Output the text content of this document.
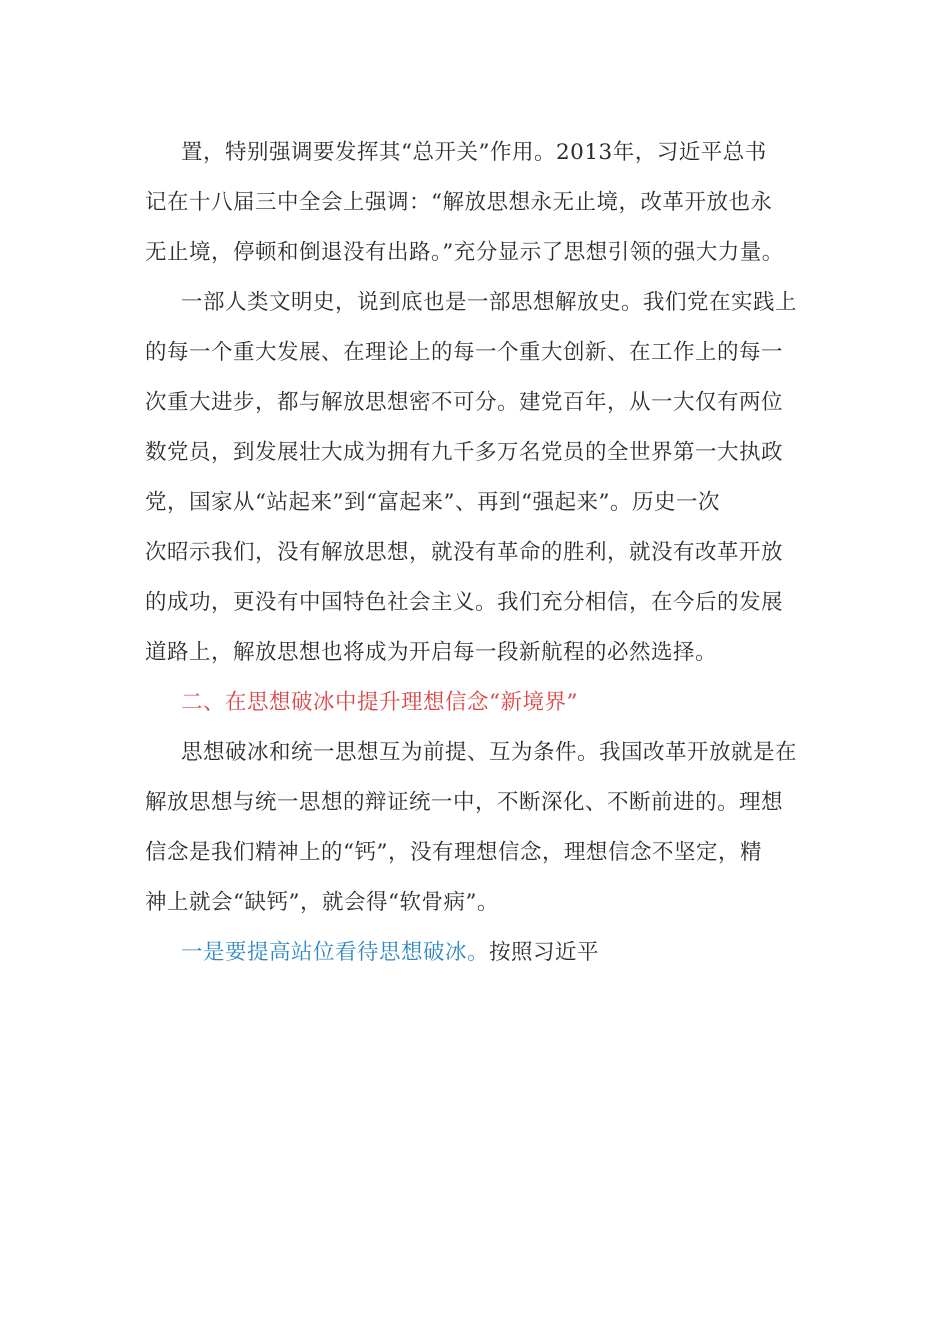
置，特别强调要发挥其“总开关”作用。2013年，习近平总书
记在十八届三中全会上强调：“解放思想永无止境，改革开放也永
无止境，停顿和倒退没有出路。”充分显示了思想引领的强大力量。
一部人类文明史，说到底也是一部思想解放史。我们党在实践上
的每一个重大发展、在理论上的每一个重大创新、在工作上的每一
次重大进步，都与解放思想密不可分。建党百年，从一大仅有两位
数党员，到发展壮大成为拥有九千多万名党员的全世界第一大执政
党，国家从“站起来”到“富起来”、再到“强起来”。历史一次
次昭示我们，没有解放思想，就没有革命的胜利，就没有改革开放
的成功，更没有中国特色社会主义。我们充分相信，在今后的发展
道路上，解放思想也将成为开启每一段新航程的必然选择。
二、在思想破冰中提升理想信念“新境界”
思想破冰和统一思想互为前提、互为条件。我国改革开放就是在
解放思想与统一思想的辩证统一中，不断深化、不断前进的。理想
信念是我们精神上的“钙”，没有理想信念，理想信念不坚定，精
神上就会“缺钙”，就会得“软骨病”。
一是要提高站位看待思想破冰。按照习近平
